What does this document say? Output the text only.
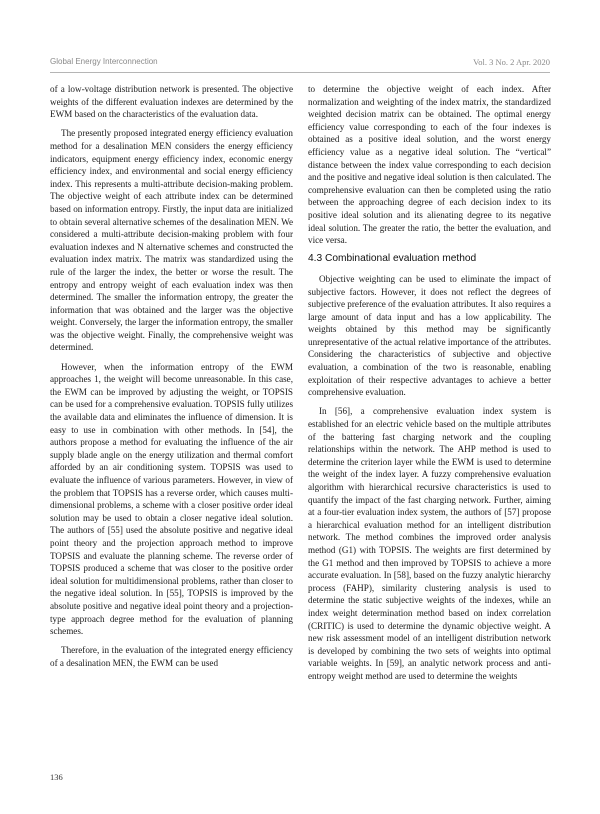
Global Energy Interconnection	Vol. 3 No. 2 Apr. 2020

of a low-voltage distribution network is presented. The objective weights of the different evaluation indexes are determined by the EWM based on the characteristics of the evaluation data.

The presently proposed integrated energy efficiency evaluation method for a desalination MEN considers the energy efficiency indicators, equipment energy efficiency index, economic energy efficiency index, and environmental and social energy efficiency index. This represents a multi-attribute decision-making problem. The objective weight of each attribute index can be determined based on information entropy. Firstly, the input data are initialized to obtain several alternative schemes of the desalination MEN. We considered a multi-attribute decision-making problem with four evaluation indexes and N alternative schemes and constructed the evaluation index matrix. The matrix was standardized using the rule of the larger the index, the better or worse the result. The entropy and entropy weight of each evaluation index was then determined. The smaller the information entropy, the greater the information that was obtained and the larger was the objective weight. Conversely, the larger the information entropy, the smaller was the objective weight. Finally, the comprehensive weight was determined.

However, when the information entropy of the EWM approaches 1, the weight will become unreasonable. In this case, the EWM can be improved by adjusting the weight, or TOPSIS can be used for a comprehensive evaluation. TOPSIS fully utilizes the available data and eliminates the influence of dimension. It is easy to use in combination with other methods. In [54], the authors propose a method for evaluating the influence of the air supply blade angle on the energy utilization and thermal comfort afforded by an air conditioning system. TOPSIS was used to evaluate the influence of various parameters. However, in view of the problem that TOPSIS has a reverse order, which causes multi-dimensional problems, a scheme with a closer positive order ideal solution may be used to obtain a closer negative ideal solution. The authors of [55] used the absolute positive and negative ideal point theory and the projection approach method to improve TOPSIS and evaluate the planning scheme. The reverse order of TOPSIS produced a scheme that was closer to the positive order ideal solution for multidimensional problems, rather than closer to the negative ideal solution. In [55], TOPSIS is improved by the absolute positive and negative ideal point theory and a projection-type approach degree method for the evaluation of planning schemes.

Therefore, in the evaluation of the integrated energy efficiency of a desalination MEN, the EWM can be used

to determine the objective weight of each index. After normalization and weighting of the index matrix, the standardized weighted decision matrix can be obtained. The optimal energy efficiency value corresponding to each of the four indexes is obtained as a positive ideal solution, and the worst energy efficiency value as a negative ideal solution. The “vertical” distance between the index value corresponding to each decision and the positive and negative ideal solution is then calculated. The comprehensive evaluation can then be completed using the ratio between the approaching degree of each decision index to its positive ideal solution and its alienating degree to its negative ideal solution. The greater the ratio, the better the evaluation, and vice versa.

4.3 Combinational evaluation method

Objective weighting can be used to eliminate the impact of subjective factors. However, it does not reflect the degrees of subjective preference of the evaluation attributes. It also requires a large amount of data input and has a low applicability. The weights obtained by this method may be significantly unrepresentative of the actual relative importance of the attributes. Considering the characteristics of subjective and objective evaluation, a combination of the two is reasonable, enabling exploitation of their respective advantages to achieve a better comprehensive evaluation.

In [56], a comprehensive evaluation index system is established for an electric vehicle based on the multiple attributes of the battering fast charging network and the coupling relationships within the network. The AHP method is used to determine the criterion layer while the EWM is used to determine the weight of the index layer. A fuzzy comprehensive evaluation algorithm with hierarchical recursive characteristics is used to quantify the impact of the fast charging network. Further, aiming at a four-tier evaluation index system, the authors of [57] propose a hierarchical evaluation method for an intelligent distribution network. The method combines the improved order analysis method (G1) with TOPSIS. The weights are first determined by the G1 method and then improved by TOPSIS to achieve a more accurate evaluation. In [58], based on the fuzzy analytic hierarchy process (FAHP), similarity clustering analysis is used to determine the static subjective weights of the indexes, while an index weight determination method based on index correlation (CRITIC) is used to determine the dynamic objective weight. A new risk assessment model of an intelligent distribution network is developed by combining the two sets of weights into optimal variable weights. In [59], an analytic network process and anti-entropy weight method are used to determine the weights

136
